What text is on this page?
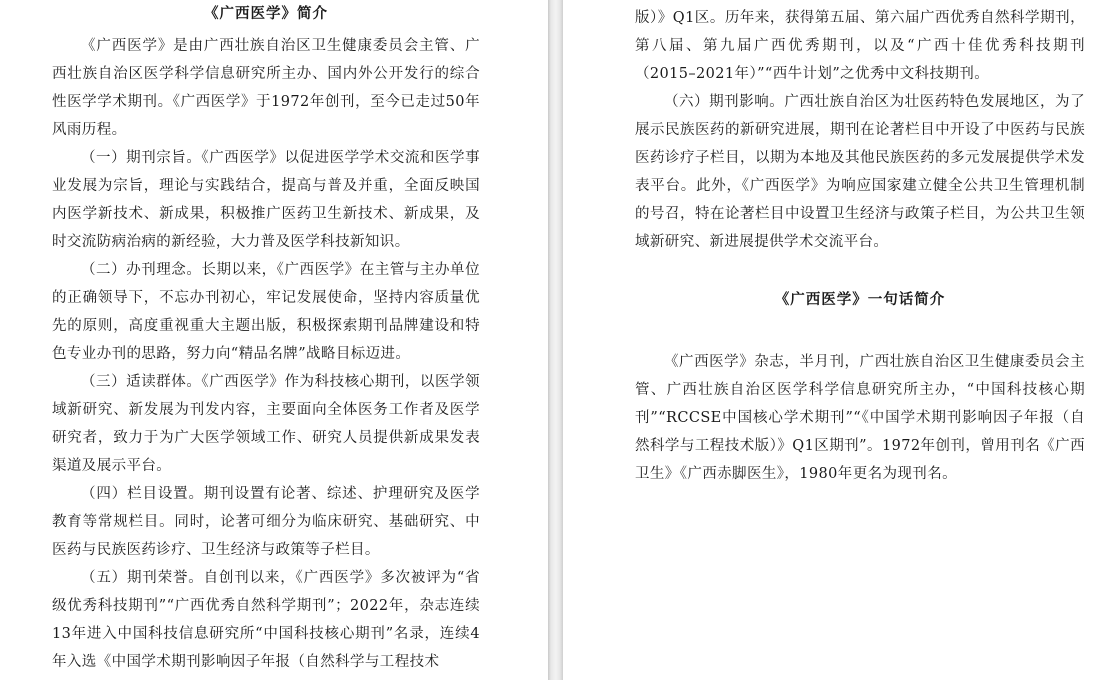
《广西医学》简介

《广西医学》是由广西壮族自治区卫生健康委员会主管、广西壮族自治区医学科学信息研究所主办、国内外公开发行的综合性医学学术期刊。《广西医学》于1972年创刊，至今已走过50年风雨历程。

（一）期刊宗旨。《广西医学》以促进医学学术交流和医学事业发展为宗旨，理论与实践结合，提高与普及并重，全面反映国内医学新技术、新成果，积极推广医药卫生新技术、新成果，及时交流防病治病的新经验，大力普及医学科技新知识。

（二）办刊理念。长期以来，《广西医学》在主管与主办单位的正确领导下，不忘办刊初心，牢记发展使命，坚持内容质量优先的原则，高度重视重大主题出版，积极探索期刊品牌建设和特色专业办刊的思路，努力向“精品名牌”战略目标迈进。

（三）适读群体。《广西医学》作为科技核心期刊，以医学领域新研究、新发展为刊发内容，主要面向全体医务工作者及医学研究者，致力于为广大医学领域工作、研究人员提供新成果发表渠道及展示平台。

（四）栏目设置。期刊设置有论著、综述、护理研究及医学教育等常规栏目。同时，论著可细分为临床研究、基础研究、中医药与民族医药诊疗、卫生经济与政策等子栏目。

（五）期刊荣誉。自创刊以来，《广西医学》多次被评为“省级优秀科技期刊”“广西优秀自然科学期刊”；2022年，杂志连续13年进入中国科技信息研究所“中国科技核心期刊”名录，连续4年入选《中国学术期刊影响因子年报（自然科学与工程技术

版）》Q1区。历年来，获得第五届、第六届广西优秀自然科学期刊，第八届、第九届广西优秀期刊，以及“广西十佳优秀科技期刊（2015–2021年）”“西牛计划”之优秀中文科技期刊。

（六）期刊影响。广西壮族自治区为壮医药特色发展地区，为了展示民族医药的新研究进展，期刊在论著栏目中开设了中医药与民族医药诊疗子栏目，以期为本地及其他民族医药的多元发展提供学术发表平台。此外，《广西医学》为响应国家建立健全公共卫生管理机制的号召，特在论著栏目中设置卫生经济与政策子栏目，为公共卫生领域新研究、新进展提供学术交流平台。

《广西医学》一句话简介

《广西医学》杂志，半月刊，广西壮族自治区卫生健康委员会主管、广西壮族自治区医学科学信息研究所主办，“中国科技核心期刊”“RCCSE中国核心学术期刊”“《中国学术期刊影响因子年报（自然科学与工程技术版）》Q1区期刊”。1972年创刊，曾用刊名《广西卫生》《广西赤脚医生》，1980年更名为现刊名。
